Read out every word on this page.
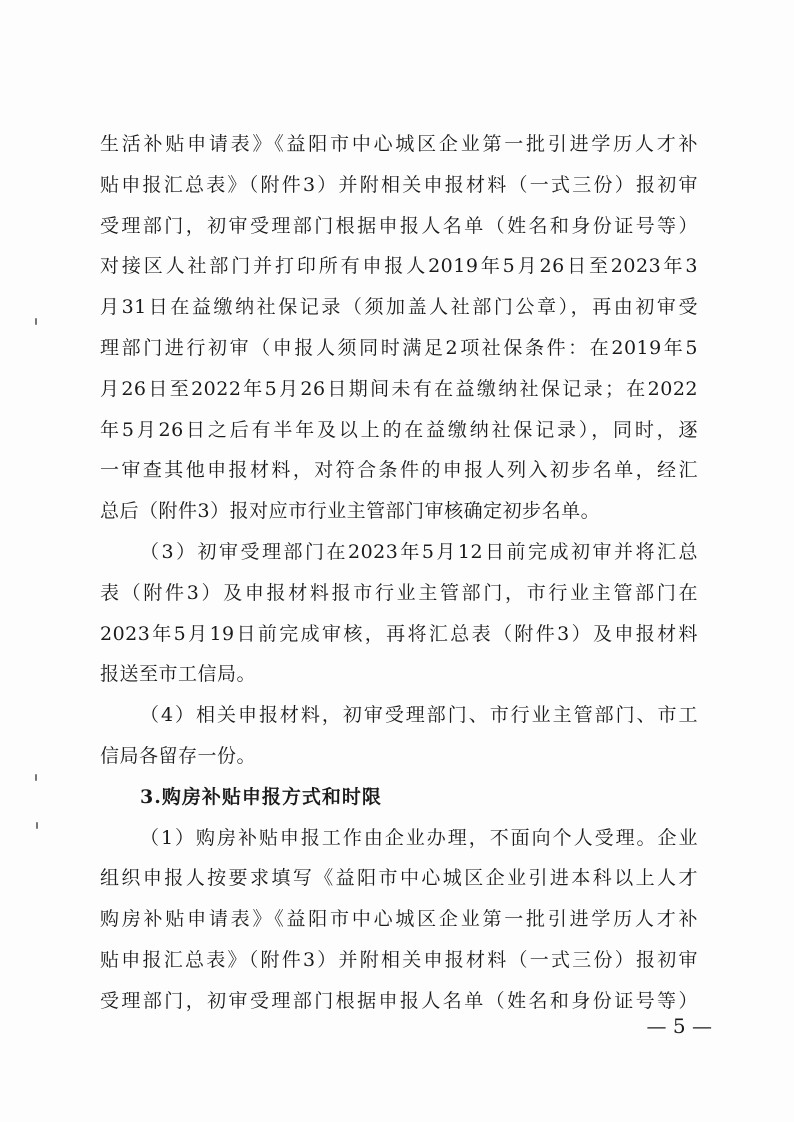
生活补贴申请表》《益阳市中心城区企业第一批引进学历人才补
贴申报汇总表》（附件3）并附相关申报材料（一式三份）报初审
受理部门，初审受理部门根据申报人名单（姓名和身份证号等）
对接区人社部门并打印所有申报人2019年5月26日至2023年3
月31日在益缴纳社保记录（须加盖人社部门公章），再由初审受
理部门进行初审（申报人须同时满足2项社保条件：在2019年5
月26日至2022年5月26日期间未有在益缴纳社保记录；在2022
年5月26日之后有半年及以上的在益缴纳社保记录），同时，逐
一审查其他申报材料，对符合条件的申报人列入初步名单，经汇
总后（附件3）报对应市行业主管部门审核确定初步名单。
（3）初审受理部门在2023年5月12日前完成初审并将汇总
表（附件3）及申报材料报市行业主管部门，市行业主管部门在
2023年5月19日前完成审核，再将汇总表（附件3）及申报材料
报送至市工信局。
（4）相关申报材料，初审受理部门、市行业主管部门、市工
信局各留存一份。
3.购房补贴申报方式和时限
（1）购房补贴申报工作由企业办理，不面向个人受理。企业
组织申报人按要求填写《益阳市中心城区企业引进本科以上人才
购房补贴申请表》《益阳市中心城区企业第一批引进学历人才补
贴申报汇总表》（附件3）并附相关申报材料（一式三份）报初审
受理部门，初审受理部门根据申报人名单（姓名和身份证号等）
— 5 —
